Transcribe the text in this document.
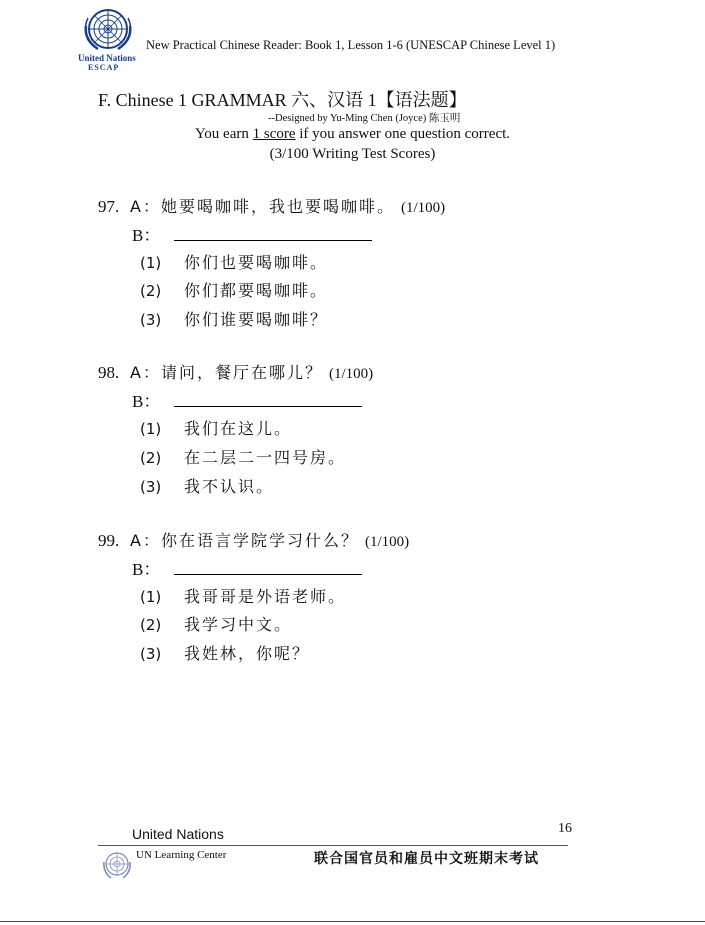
United Nations
ESCAP
New Practical Chinese Reader: Book 1, Lesson 1-6 (UNESCAP Chinese Level 1)
F. Chinese 1 GRAMMAR 六、汉语 1【语法题】
--Designed by Yu-Ming Chen (Joyce) 陈玉明
You earn 1 score if you answer one question correct.
(3/100 Writing Test Scores)
97. A：她要喝咖啡，我也要喝咖啡。 (1/100)
B：
(1) 你们也要喝咖啡。
(2) 你们都要喝咖啡。
(3) 你们谁要喝咖啡？
98. A：请问，餐厅在哪儿？ (1/100)
B：
(1) 我们在这儿。
(2) 在二层二一四号房。
(3) 我不认识。
99. A：你在语言学院学习什么？ (1/100)
B：
(1) 我哥哥是外语老师。
(2) 我学习中文。
(3) 我姓林，你呢？
United Nations	16
UN Learning Center	联合国官员和雇员中文班期末考试
